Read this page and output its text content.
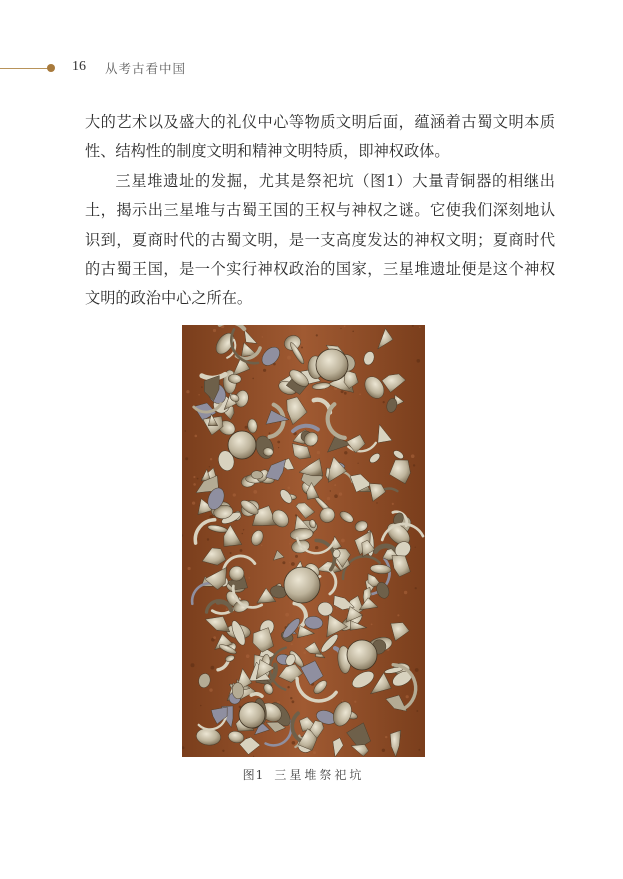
16 从考古看中国

大的艺术以及盛大的礼仪中心等物质文明后面，蕴涵着古蜀文明本质性、结构性的制度文明和精神文明特质，即神权政体。

三星堆遗址的发掘，尤其是祭祀坑（图1）大量青铜器的相继出土，揭示出三星堆与古蜀王国的王权与神权之谜。它使我们深刻地认识到，夏商时代的古蜀文明，是一支高度发达的神权文明；夏商时代的古蜀王国，是一个实行神权政治的国家，三星堆遗址便是这个神权文明的政治中心之所在。

图1 三星堆祭祀坑
